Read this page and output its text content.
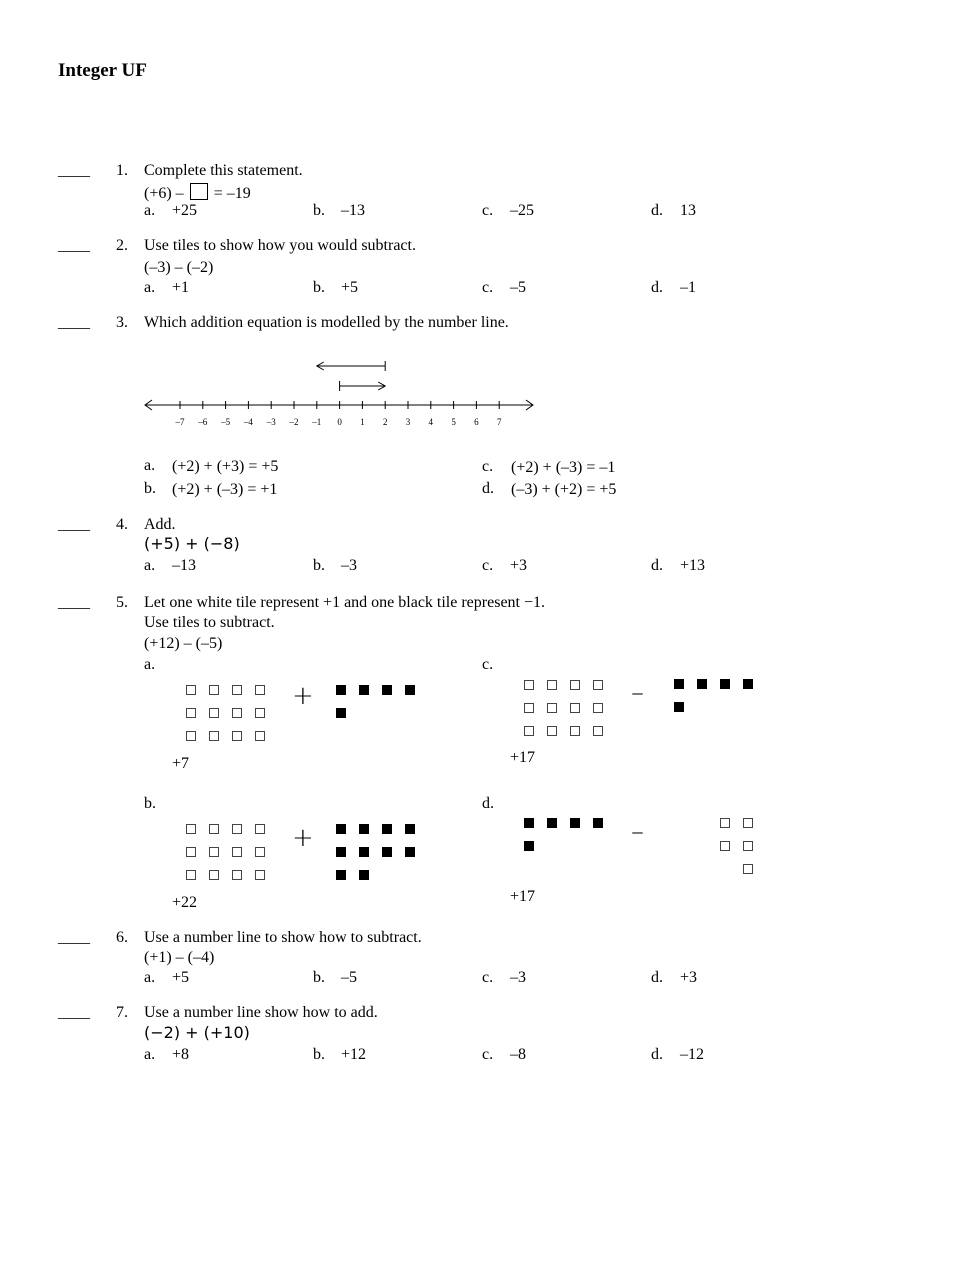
Integer UF
____ 1. Complete this statement.
(+6) – = –19
a. +25	b. –13	c. –25	d. 13
____ 2. Use tiles to show how you would subtract.
(–3) – (–2)
a. +1	b. +5	c. –5	d. –1
____ 3. Which addition equation is modelled by the number line.
–7 –6 –5 –4 –3 –2 –1 0 1 2 3 4 5 6 7
a. (+2) + (+3) = +5
b. (+2) + (–3) = +1
c. (+2) + (–3) = –1
d. (–3) + (+2) = +5
____ 4. Add.
(+5) + (−8)
a. –13	b. –3	c. +3	d. +13
____ 5. Let one white tile represent +1 and one black tile represent −1.
Use tiles to subtract.
(+12) – (–5)
a.
+
+7
b.
+
+22
c.
–
+17
d.
–
+17
____ 6. Use a number line to show how to subtract.
(+1) – (–4)
a. +5	b. –5	c. –3	d. +3
____ 7. Use a number line show how to add.
(−2) + (+10)
a. +8	b. +12	c. –8	d. –12
